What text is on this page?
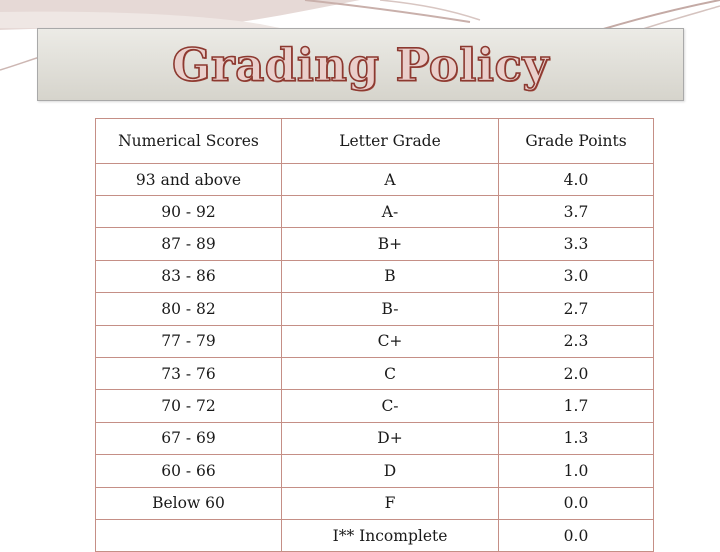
Grading Policy
Numerical Scores	Letter Grade	Grade Points
93 and above	A	4.0
90 - 92	A-	3.7
87 - 89	B+	3.3
83 - 86	B	3.0
80 - 82	B-	2.7
77 - 79	C+	2.3
73 - 76	C	2.0
70 - 72	C-	1.7
67 - 69	D+	1.3
60 - 66	D	1.0
Below 60	F	0.0
	I** Incomplete	0.0
